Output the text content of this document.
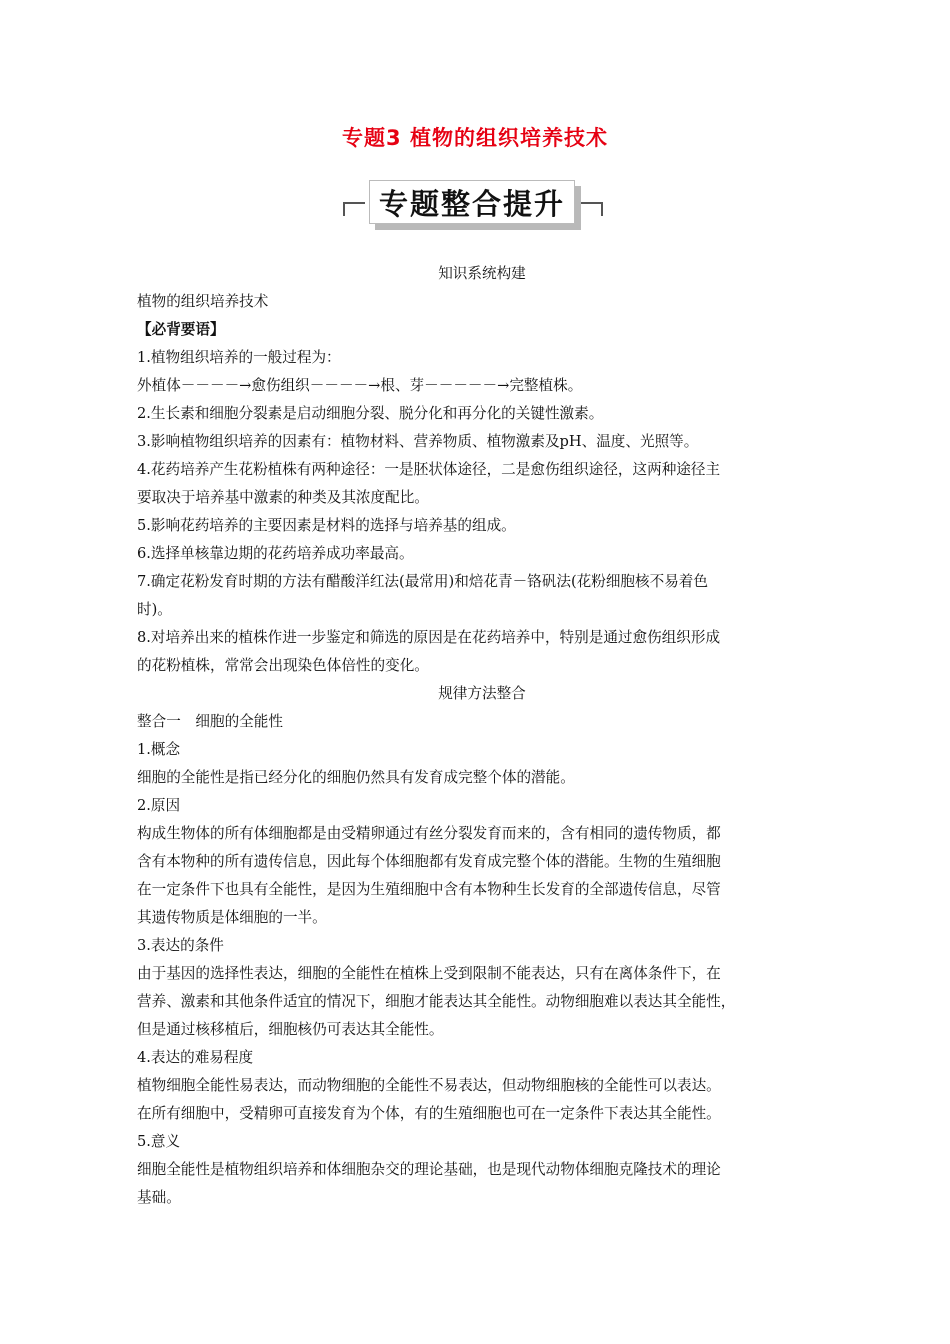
专题3 植物的组织培养技术
专题整合提升

知识系统构建

植物的组织培养技术

【必背要语】

1.植物组织培养的一般过程为：

外植体－－－－→愈伤组织－－－－→根、芽－－－－－→完整植株。

2.生长素和细胞分裂素是启动细胞分裂、脱分化和再分化的关键性激素。

3.影响植物组织培养的因素有：植物材料、营养物质、植物激素及pH、温度、光照等。

4.花药培养产生花粉植株有两种途径：一是胚状体途径，二是愈伤组织途径，这两种途径主

要取决于培养基中激素的种类及其浓度配比。

5.影响花药培养的主要因素是材料的选择与培养基的组成。

6.选择单核靠边期的花药培养成功率最高。

7.确定花粉发育时期的方法有醋酸洋红法(最常用)和焙花青－铬矾法(花粉细胞核不易着色

时)。

8.对培养出来的植株作进一步鉴定和筛选的原因是在花药培养中，特别是通过愈伤组织形成

的花粉植株，常常会出现染色体倍性的变化。

规律方法整合

整合一　细胞的全能性

1.概念

细胞的全能性是指已经分化的细胞仍然具有发育成完整个体的潜能。

2.原因

构成生物体的所有体细胞都是由受精卵通过有丝分裂发育而来的，含有相同的遗传物质，都

含有本物种的所有遗传信息，因此每个体细胞都有发育成完整个体的潜能。生物的生殖细胞

在一定条件下也具有全能性，是因为生殖细胞中含有本物种生长发育的全部遗传信息，尽管

其遗传物质是体细胞的一半。

3.表达的条件

由于基因的选择性表达，细胞的全能性在植株上受到限制不能表达，只有在离体条件下，在

营养、激素和其他条件适宜的情况下，细胞才能表达其全能性。动物细胞难以表达其全能性，

但是通过核移植后，细胞核仍可表达其全能性。

4.表达的难易程度

植物细胞全能性易表达，而动物细胞的全能性不易表达，但动物细胞核的全能性可以表达。

在所有细胞中，受精卵可直接发育为个体，有的生殖细胞也可在一定条件下表达其全能性。

5.意义

细胞全能性是植物组织培养和体细胞杂交的理论基础，也是现代动物体细胞克隆技术的理论

基础。
